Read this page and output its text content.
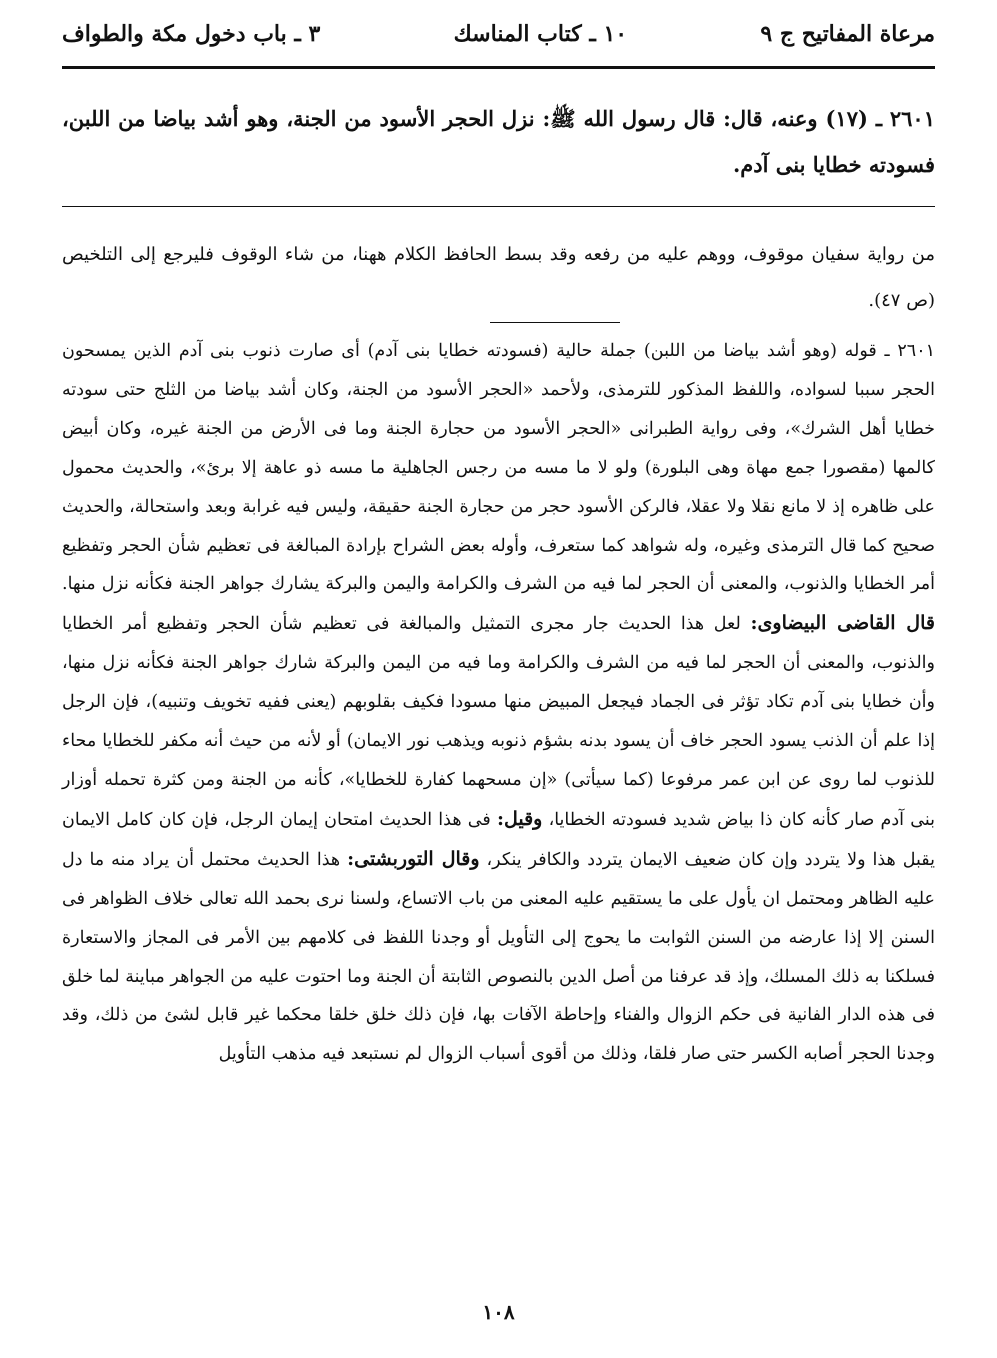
مرعاة المفاتيح ج ٩
١٠ ـ كتاب المناسك
٣ ـ باب دخول مكة والطواف
٢٦٠١ ـ (١٧) وعنه، قال: قال رسول الله ﷺ: نزل الحجر الأسود من الجنة، وهو أشد بياضا من اللبن، فسودته خطايا بنى آدم.
من رواية سفيان موقوف، ووهم عليه من رفعه وقد بسط الحافظ الكلام ههنا، من شاء الوقوف فليرجع إلى التلخيص (ص ٤٧).

٢٦٠١ ـ قوله (وهو أشد بياضا من اللبن) جملة حالية (فسودته خطايا بنى آدم) أى صارت ذنوب بنى آدم الذين يمسحون الحجر سببا لسواده، واللفظ المذكور للترمذى، ولأحمد «الحجر الأسود من الجنة، وكان أشد بياضا من الثلج حتى سودته خطايا أهل الشرك»، وفى رواية الطبرانى «الحجر الأسود من حجارة الجنة وما فى الأرض من الجنة غيره، وكان أبيض كالمها (مقصورا جمع مهاة وهى البلورة) ولو لا ما مسه من رجس الجاهلية ما مسه ذو عاهة إلا برئ»، والحديث محمول على ظاهره إذ لا مانع نقلا ولا عقلا، فالركن الأسود حجر من حجارة الجنة حقيقة، وليس فيه غرابة وبعد واستحالة، والحديث صحيح كما قال الترمذى وغيره، وله شواهد كما ستعرف، وأوله بعض الشراح بإرادة المبالغة فى تعظيم شأن الحجر وتفظيع أمر الخطايا والذنوب، والمعنى أن الحجر لما فيه من الشرف والكرامة واليمن والبركة يشارك جواهر الجنة فكأنه نزل منها. قال القاضى البيضاوى: لعل هذا الحديث جار مجرى التمثيل والمبالغة فى تعظيم شأن الحجر وتفظيع أمر الخطايا والذنوب، والمعنى أن الحجر لما فيه من الشرف والكرامة وما فيه من اليمن والبركة شارك جواهر الجنة فكأنه نزل منها، وأن خطايا بنى آدم تكاد تؤثر فى الجماد فيجعل المبيض منها مسودا فكيف بقلوبهم (يعنى ففيه تخويف وتنبيه)، فإن الرجل إذا علم أن الذنب يسود الحجر خاف أن يسود بدنه بشؤم ذنوبه ويذهب نور الايمان) أو لأنه من حيث أنه مكفر للخطايا محاء للذنوب لما روى عن ابن عمر مرفوعا (كما سيأتى) «إن مسحهما كفارة للخطايا»، كأنه من الجنة ومن كثرة تحمله أوزار بنى آدم صار كأنه كان ذا بياض شديد فسودته الخطايا، وقيل: فى هذا الحديث امتحان إيمان الرجل، فإن كان كامل الايمان يقبل هذا ولا يتردد وإن كان ضعيف الايمان يتردد والكافر ينكر، وقال التوربشتى: هذا الحديث محتمل أن يراد منه ما دل عليه الظاهر ومحتمل ان يأول على ما يستقيم عليه المعنى من باب الاتساع، ولسنا نرى بحمد الله تعالى خلاف الظواهر فى السنن إلا إذا عارضه من السنن الثوابت ما يحوج إلى التأويل أو وجدنا اللفظ فى كلامهم بين الأمر فى المجاز والاستعارة فسلكنا به ذلك المسلك، وإذ قد عرفنا من أصل الدين بالنصوص الثابتة أن الجنة وما احتوت عليه من الجواهر مباينة لما خلق فى هذه الدار الفانية فى حكم الزوال والفناء وإحاطة الآفات بها، فإن ذلك خلق خلقا محكما غير قابل لشئ من ذلك، وقد وجدنا الحجر أصابه الكسر حتى صار فلقا، وذلك من أقوى أسباب الزوال لم نستبعد فيه مذهب التأويل

١٠٨
